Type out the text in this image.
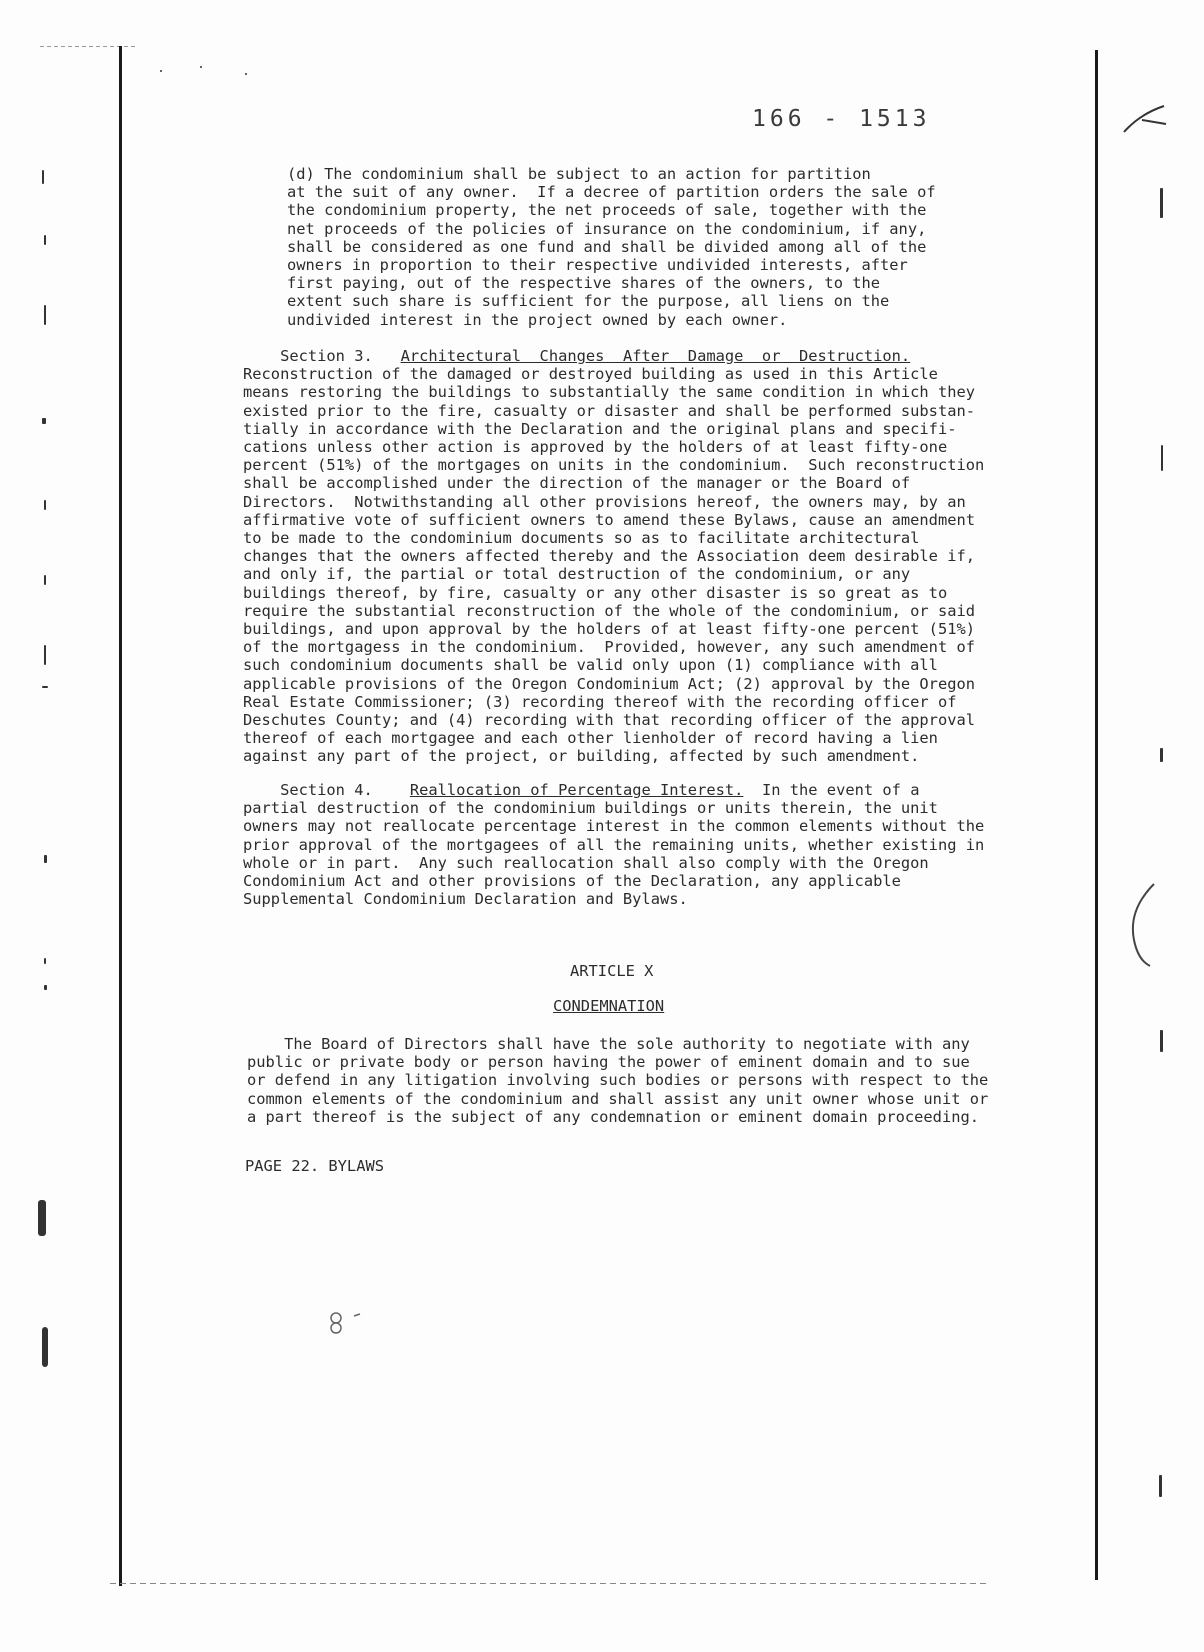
166 - 1513
(d) The condominium shall be subject to an action for partition
at the suit of any owner.  If a decree of partition orders the sale of
the condominium property, the net proceeds of sale, together with the
net proceeds of the policies of insurance on the condominium, if any,
shall be considered as one fund and shall be divided among all of the
owners in proportion to their respective undivided interests, after
first paying, out of the respective shares of the owners, to the
extent such share is sufficient for the purpose, all liens on the
undivided interest in the project owned by each owner.
Section 3. Architectural  Changes  After  Damage  or  Destruction.
Reconstruction of the damaged or destroyed building as used in this Article
means restoring the buildings to substantially the same condition in which they
existed prior to the fire, casualty or disaster and shall be performed substan-
tially in accordance with the Declaration and the original plans and specifi-
cations unless other action is approved by the holders of at least fifty-one
percent (51%) of the mortgages on units in the condominium.  Such reconstruction
shall be accomplished under the direction of the manager or the Board of
Directors.  Notwithstanding all other provisions hereof, the owners may, by an
affirmative vote of sufficient owners to amend these Bylaws, cause an amendment
to be made to the condominium documents so as to facilitate architectural
changes that the owners affected thereby and the Association deem desirable if,
and only if, the partial or total destruction of the condominium, or any
buildings thereof, by fire, casualty or any other disaster is so great as to
require the substantial reconstruction of the whole of the condominium, or said
buildings, and upon approval by the holders of at least fifty-one percent (51%)
of the mortgagess in the condominium.  Provided, however, any such amendment of
such condominium documents shall be valid only upon (1) compliance with all
applicable provisions of the Oregon Condominium Act; (2) approval by the Oregon
Real Estate Commissioner; (3) recording thereof with the recording officer of
Deschutes County; and (4) recording with that recording officer of the approval
thereof of each mortgagee and each other lienholder of record having a lien
against any part of the project, or building, affected by such amendment.
Section 4. Reallocation of Percentage Interest.  In the event of a
partial destruction of the condominium buildings or units therein, the unit
owners may not reallocate percentage interest in the common elements without the
prior approval of the mortgagees of all the remaining units, whether existing in
whole or in part.  Any such reallocation shall also comply with the Oregon
Condominium Act and other provisions of the Declaration, any applicable
Supplemental Condominium Declaration and Bylaws.
ARTICLE X
CONDEMNATION
The Board of Directors shall have the sole authority to negotiate with any
public or private body or person having the power of eminent domain and to sue
or defend in any litigation involving such bodies or persons with respect to the
common elements of the condominium and shall assist any unit owner whose unit or
a part thereof is the subject of any condemnation or eminent domain proceeding.
PAGE 22. BYLAWS
